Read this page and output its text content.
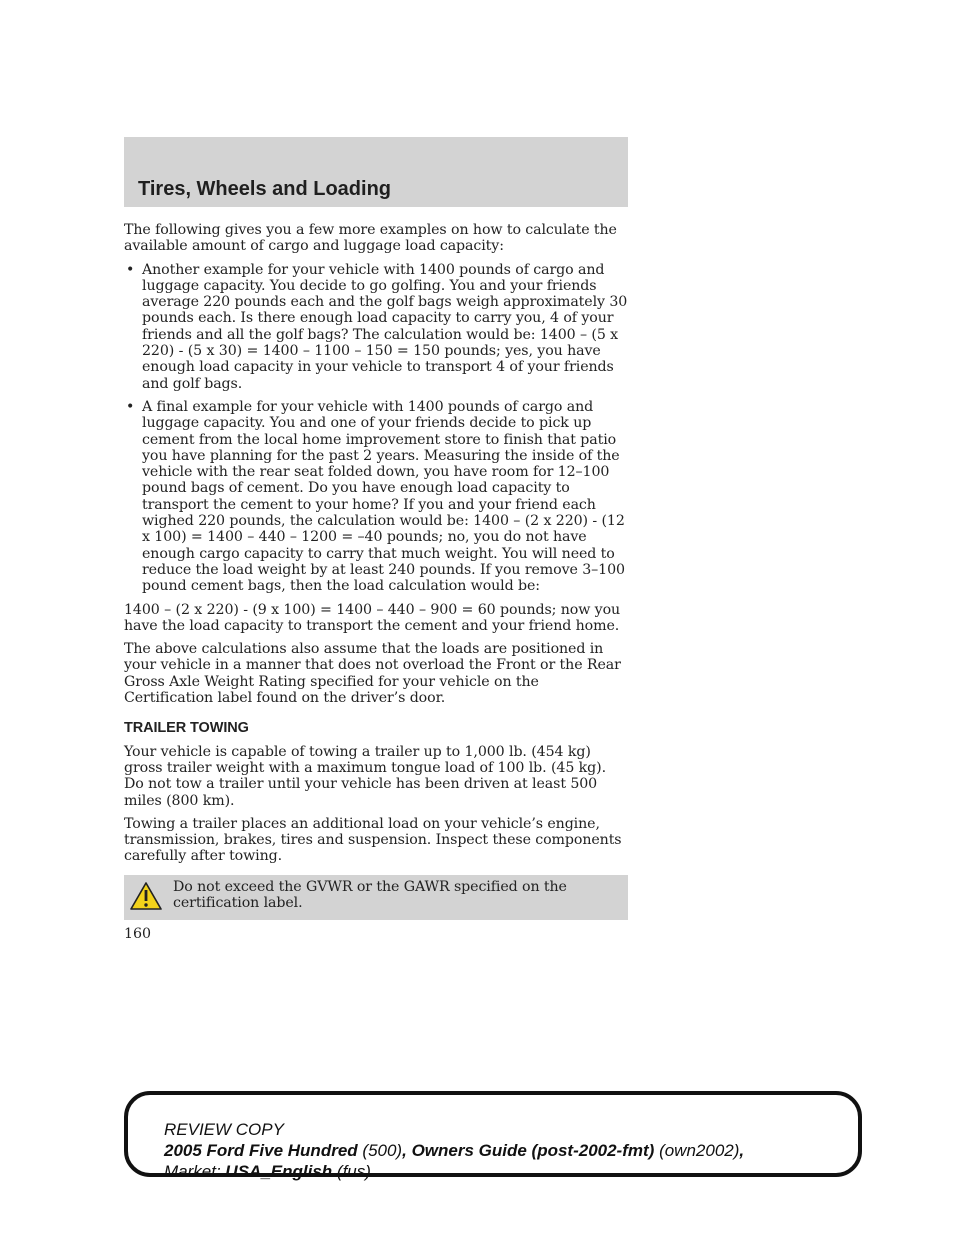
Tires, Wheels and Loading

The following gives you a few more examples on how to calculate the available amount of cargo and luggage load capacity:

• Another example for your vehicle with 1400 pounds of cargo and luggage capacity. You decide to go golfing. You and your friends average 220 pounds each and the golf bags weigh approximately 30 pounds each. Is there enough load capacity to carry you, 4 of your friends and all the golf bags? The calculation would be: 1400 – (5 x 220) - (5 x 30) = 1400 – 1100 – 150 = 150 pounds; yes, you have enough load capacity in your vehicle to transport 4 of your friends and golf bags.
• A final example for your vehicle with 1400 pounds of cargo and luggage capacity. You and one of your friends decide to pick up cement from the local home improvement store to finish that patio you have planning for the past 2 years. Measuring the inside of the vehicle with the rear seat folded down, you have room for 12–100 pound bags of cement. Do you have enough load capacity to transport the cement to your home? If you and your friend each wighed 220 pounds, the calculation would be: 1400 – (2 x 220) - (12 x 100) = 1400 – 440 – 1200 = –40 pounds; no, you do not have enough cargo capacity to carry that much weight. You will need to reduce the load weight by at least 240 pounds. If you remove 3–100 pound cement bags, then the load calculation would be:

1400 – (2 x 220) - (9 x 100) = 1400 – 440 – 900 = 60 pounds; now you have the load capacity to transport the cement and your friend home.

The above calculations also assume that the loads are positioned in your vehicle in a manner that does not overload the Front or the Rear Gross Axle Weight Rating specified for your vehicle on the Certification label found on the driver’s door.

TRAILER TOWING

Your vehicle is capable of towing a trailer up to 1,000 lb. (454 kg) gross trailer weight with a maximum tongue load of 100 lb. (45 kg). Do not tow a trailer until your vehicle has been driven at least 500 miles (800 km).

Towing a trailer places an additional load on your vehicle’s engine, transmission, brakes, tires and suspension. Inspect these components carefully after towing.

Do not exceed the GVWR or the GAWR specified on the certification label.
160
REVIEW COPY
2005 Ford Five Hundred (500), Owners Guide (post-2002-fmt) (own2002),
Market: USA_English (fus)
